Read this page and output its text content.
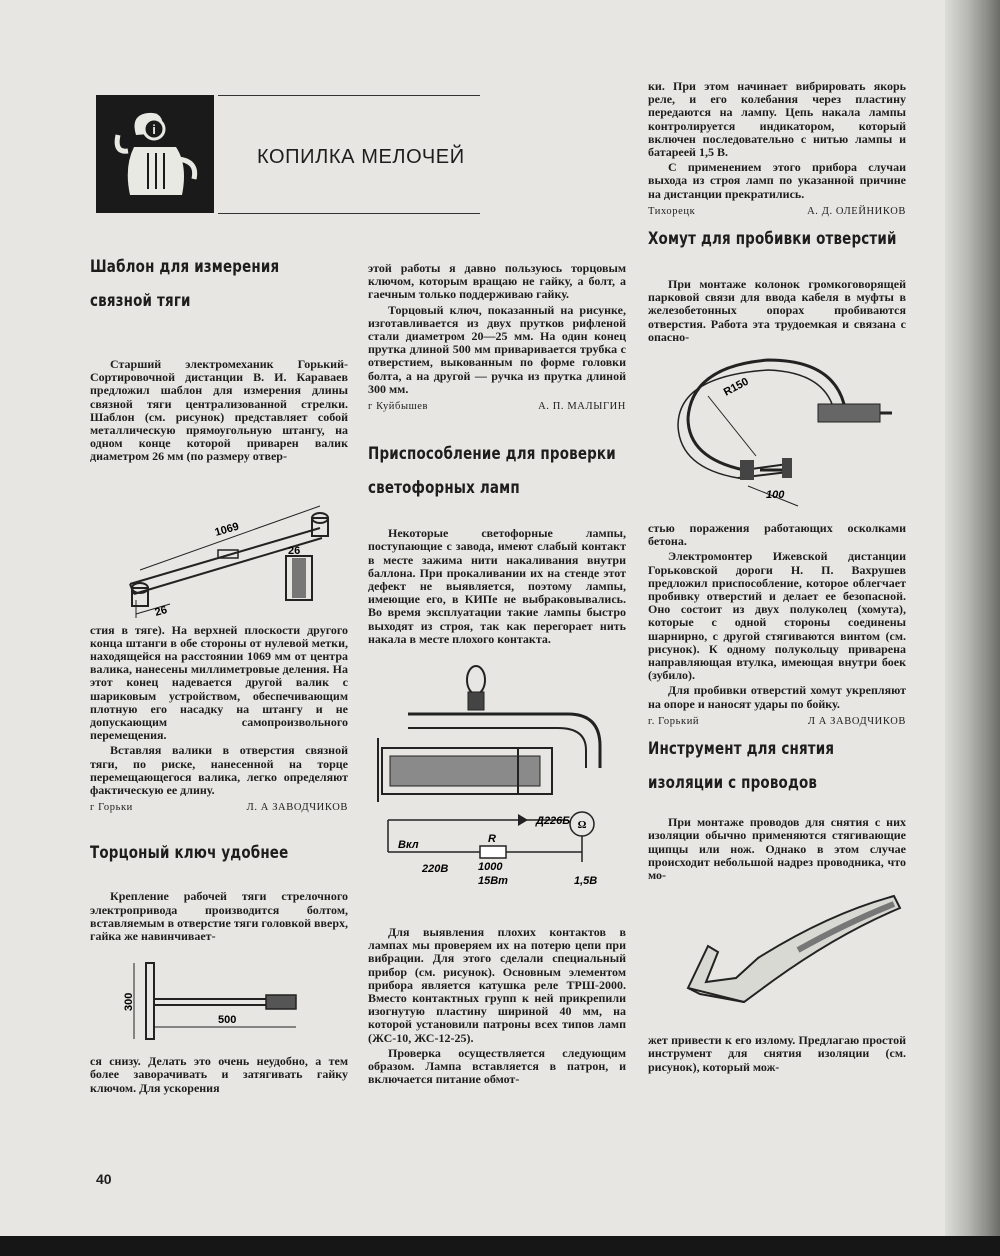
i
КОПИЛКА МЕЛОЧЕЙ
Шаблон для измерения
связной тяги

Старший электромеханик Горький-Сортировочной дистанции В. И. Караваев предложил шаблон для измерения длины связной тяги централизованной стрелки. Шаблон (см. рисунок) представляет собой металлическую прямоугольную штангу, на одном конце которой приварен валик диаметром 26 мм (по размеру отвер-

1069
26
26

стия в тяге). На верхней плоскости другого конца штанги в обе стороны от нулевой метки, находящейся на расстоянии 1069 мм от центра валика, нанесены миллиметровые деления. На этот конец надевается другой валик с шариковым устройством, обеспечивающим плотную его насадку на штангу и не допускающим самопроизвольного перемещения.

Вставляя валики в отверстия связной тяги, по риске, нанесенной на торце перемещающегося валика, легко определяют фактическую ее длину.

г Горьки	Л. А ЗАВОДЧИКОВ
Торцоный ключ удобнее

Крепление рабочей тяги стрелочного электропривода производится болтом, вставляемым в отверстие тяги головкой вверх, гайка же навинчивает-

300
500

ся снизу. Делать это очень неудобно, а тем более заворачивать и затягивать гайку ключом. Для ускорения

этой работы я давно пользуюсь торцовым ключом, которым вращаю не гайку, а болт, а гаечным только поддерживаю гайку.

Торцовый ключ, показанный на рисунке, изготавливается из двух прутков рифленой стали диаметром 20—25 мм. На один конец прутка длиной 500 мм приваривается трубка с отверстием, выкованным по форме головки болта, а на другой — ручка из прутка длиной 300 мм.

г Куйбышев	А. П. МАЛЫГИН
Приспособление для проверки
светофорных ламп

Некоторые светофорные лампы, поступающие с завода, имеют слабый контакт в месте зажима нити накаливания внутри баллона. При прокаливании их на стенде этот дефект не выявляется, поэтому лампы, имеющие его, в КИПе не выбраковывались. Во время эксплуатации такие лампы быстро выходят из строя, так как перегорает нить накала в месте плохого контакта.

Ω
Вкл	R
Д226Б
220В	1000
15Вт	1,5В

Для выявления плохих контактов в лампах мы проверяем их на потерю цепи при вибрации. Для этого сделали специальный прибор (см. рисунок). Основным элементом прибора является катушка реле ТРШ-2000. Вместо контактных групп к ней прикрепили изогнутую пластину шириной 40 мм, на которой установили патроны всех типов ламп (ЖС-10, ЖС-12-25).

Проверка осуществляется следующим образом. Лампа вставляется в патрон, и включается питание обмот-

ки. При этом начинает вибрировать якорь реле, и его колебания через пластину передаются на лампу. Цепь накала лампы контролируется индикатором, который включен последовательно с нитью лампы и батареей 1,5 В.

С применением этого прибора случаи выхода из строя ламп по указанной причине на дистанции прекратились.

Тихорецк	А. Д. ОЛЕЙНИКОВ
Хомут для пробивки отверстий

При монтаже колонок громкоговорящей парковой связи для ввода кабеля в муфты в железобетонных опорах пробиваются отверстия. Работа эта трудоемкая и связана с опасно-

R150
100

стью поражения работающих осколками бетона.

Электромонтер Ижевской дистанции Горьковской дороги Н. П. Вахрушев предложил приспособление, которое облегчает пробивку отверстий и делает ее безопасной. Оно состоит из двух полуколец (хомута), которые с одной стороны соединены шарнирно, с другой стягиваются винтом (см. рисунок). К одному полукольцу приварена направляющая втулка, имеющая внутри боек (зубило).

Для пробивки отверстий хомут укрепляют на опоре и наносят удары по бойку.

г. Горький	Л А ЗАВОДЧИКОВ
Инструмент для снятия
изоляции с проводов

При монтаже проводов для снятия с них изоляции обычно применяются стягивающие щипцы или нож. Однако в этом случае происходит небольшой надрез проводника, что мо-

жет привести к его излому. Предлагаю простой инструмент для снятия изоляции (см. рисунок), который мож-

40
